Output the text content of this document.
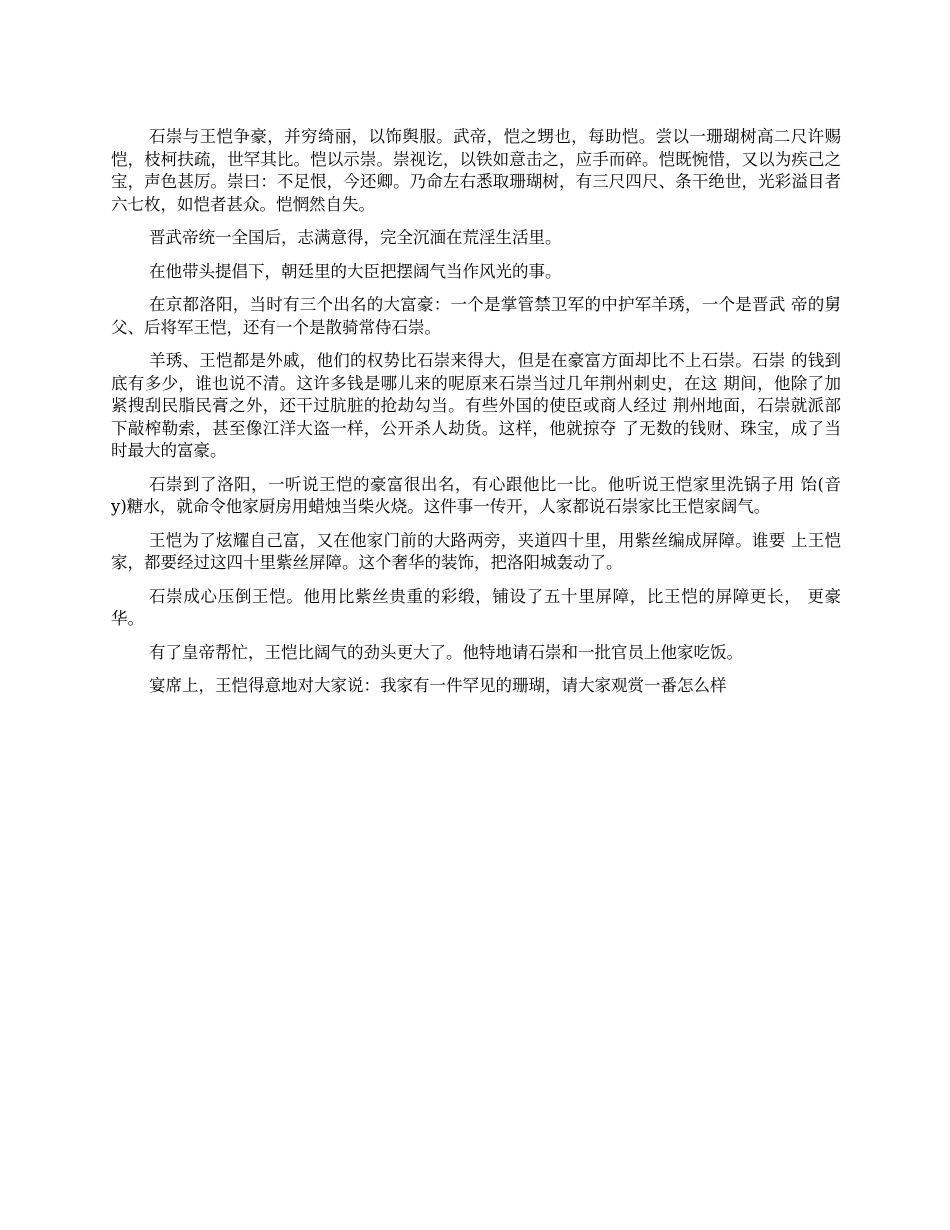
石崇与王恺争豪，并穷绮丽，以饰舆服。武帝，恺之甥也，每助恺。尝以一珊瑚树高二尺许赐恺，枝柯扶疏，世罕其比。恺以示崇。崇视讫，以铁如意击之，应手而碎。恺既惋惜，又以为疾己之宝，声色甚厉。崇曰：不足恨，今还卿。乃命左右悉取珊瑚树，有三尺四尺、条干绝世，光彩溢目者六七枚，如恺者甚众。恺惘然自失。

晋武帝统一全国后，志满意得，完全沉湎在荒淫生活里。

在他带头提倡下，朝廷里的大臣把摆阔气当作风光的事。

在京都洛阳，当时有三个出名的大富豪：一个是掌管禁卫军的中护军羊琇，一个是晋武 帝的舅父、后将军王恺，还有一个是散骑常侍石崇。

羊琇、王恺都是外戚，他们的权势比石崇来得大，但是在豪富方面却比不上石崇。石崇 的钱到底有多少，谁也说不清。这许多钱是哪儿来的呢原来石崇当过几年荆州刺史，在这 期间，他除了加紧搜刮民脂民膏之外，还干过肮脏的抢劫勾当。有些外国的使臣或商人经过 荆州地面，石崇就派部下敲榨勒索，甚至像江洋大盗一样，公开杀人劫货。这样，他就掠夺 了无数的钱财、珠宝，成了当时最大的富豪。

石崇到了洛阳，一听说王恺的豪富很出名，有心跟他比一比。他听说王恺家里洗锅子用 饴(音 y)糖水，就命令他家厨房用蜡烛当柴火烧。这件事一传开，人家都说石崇家比王恺家阔气。

王恺为了炫耀自己富，又在他家门前的大路两旁，夹道四十里，用紫丝编成屏障。谁要 上王恺家，都要经过这四十里紫丝屏障。这个奢华的装饰，把洛阳城轰动了。

石崇成心压倒王恺。他用比紫丝贵重的彩缎，铺设了五十里屏障，比王恺的屏障更长， 更豪华。

有了皇帝帮忙，王恺比阔气的劲头更大了。他特地请石崇和一批官员上他家吃饭。

宴席上，王恺得意地对大家说：我家有一件罕见的珊瑚，请大家观赏一番怎么样
